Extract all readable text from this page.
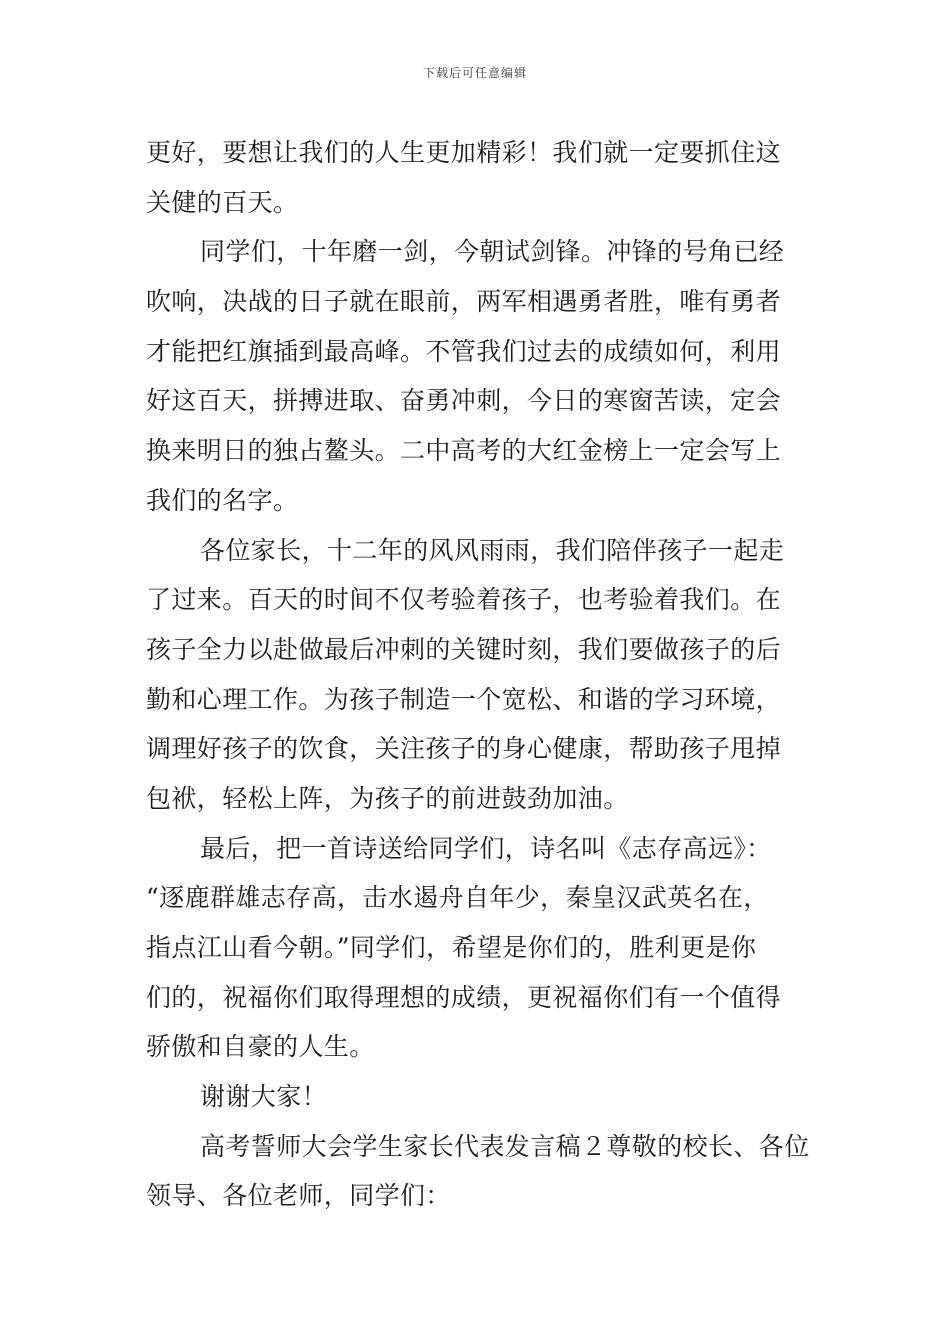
下载后可任意编辑
更好，要想让我们的人生更加精彩！我们就一定要抓住这
关健的百天。
同学们，十年磨一剑，今朝试剑锋。冲锋的号角已经
吹响，决战的日子就在眼前，两军相遇勇者胜，唯有勇者
才能把红旗插到最高峰。不管我们过去的成绩如何，利用
好这百天，拼搏进取、奋勇冲刺，今日的寒窗苦读，定会
换来明日的独占鳌头。二中高考的大红金榜上一定会写上
我们的名字。
各位家长，十二年的风风雨雨，我们陪伴孩子一起走
了过来。百天的时间不仅考验着孩子，也考验着我们。在
孩子全力以赴做最后冲刺的关键时刻，我们要做孩子的后
勤和心理工作。为孩子制造一个宽松、和谐的学习环境，
调理好孩子的饮食，关注孩子的身心健康，帮助孩子甩掉
包袱，轻松上阵，为孩子的前进鼓劲加油。
最后，把一首诗送给同学们，诗名叫《志存高远》：
“逐鹿群雄志存高，击水遏舟自年少，秦皇汉武英名在，
指点江山看今朝。”同学们，希望是你们的，胜利更是你
们的，祝福你们取得理想的成绩，更祝福你们有一个值得
骄傲和自豪的人生。
谢谢大家！
高考誓师大会学生家长代表发言稿２尊敬的校长、各位
领导、各位老师，同学们：
